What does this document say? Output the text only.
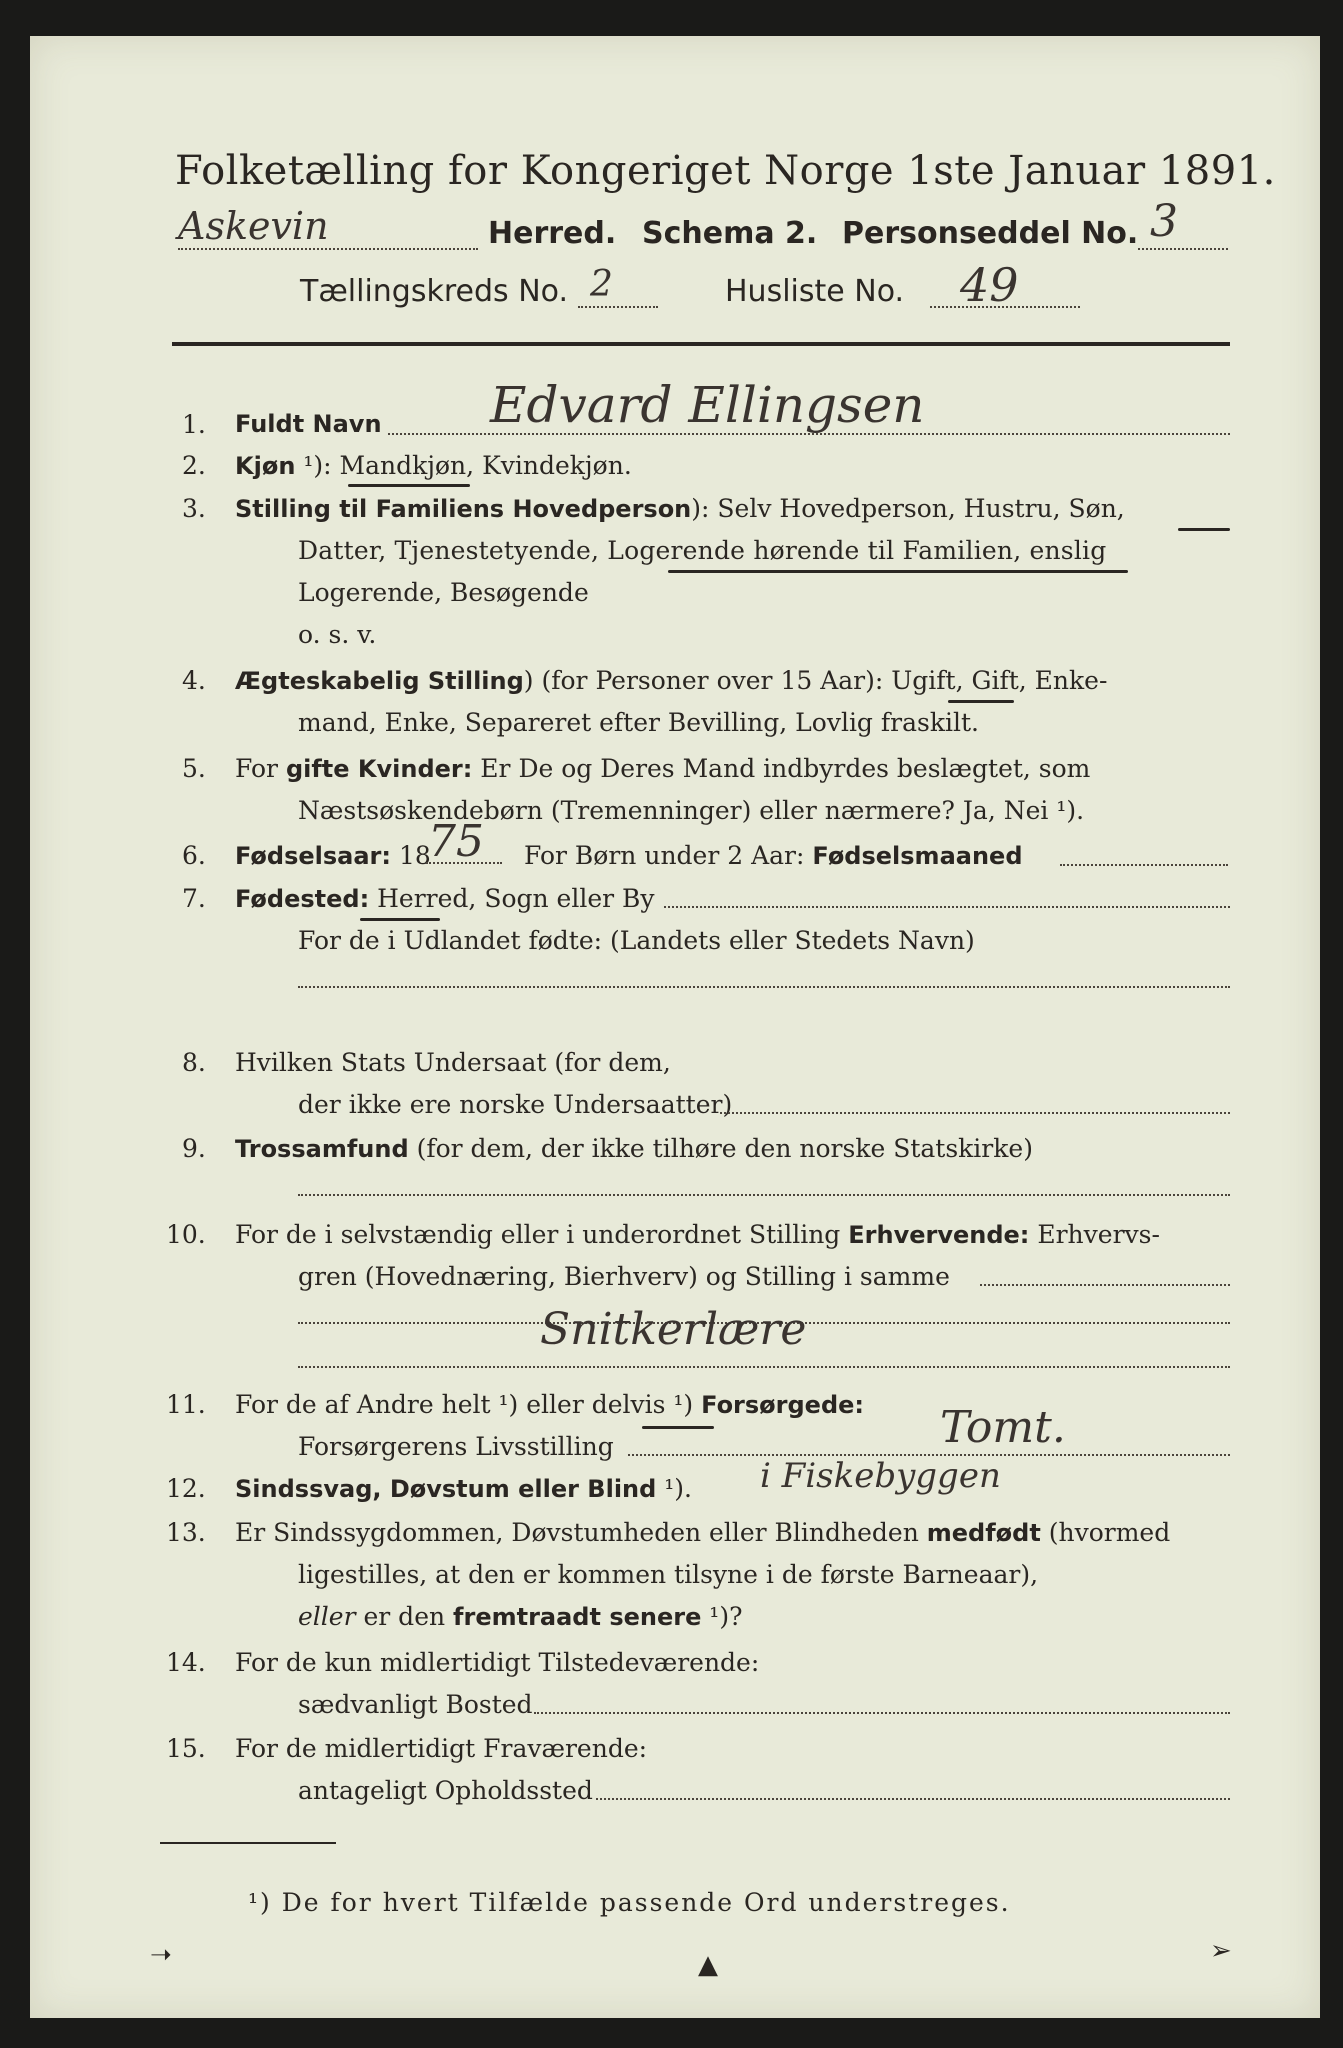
Folketælling for Kongeriget Norge 1ste Januar 1891.
Askevin	Herred. Schema 2. Personseddel No. 3
Tællingskreds No. 2	Husliste No. 49
1. Fuldt Navn Edvard Ellingsen
2. Kjøn ¹): Mandkjøn, Kvindekjøn.
3. Stilling til Familiens Hovedperson): Selv Hovedperson, Hustru, Søn,
Datter, Tjenestetyende, Logerende hørende til Familien, enslig
Logerende, Besøgende
o. s. v.
4. Ægteskabelig Stilling) (for Personer over 15 Aar): Ugift, Gift, Enke-
mand, Enke, Separeret efter Bevilling, Lovlig fraskilt.
5. For gifte Kvinder: Er De og Deres Mand indbyrdes beslægtet, som
Næstsøskendebørn (Tremenninger) eller nærmere? Ja, Nei ¹).
6. Fødselsaar: 18
75 For Børn under 2 Aar: Fødselsmaaned
7. Fødested: Herred, Sogn eller By
For de i Udlandet fødte: (Landets eller Stedets Navn)
8. Hvilken Stats Undersaat (for dem,
der ikke ere norske Undersaatter)
9. Trossamfund (for dem, der ikke tilhøre den norske Statskirke)
10. For de i selvstændig eller i underordnet Stilling Erhvervende: Erhvervs-
gren (Hovednæring, Bierhverv) og Stilling i samme
Snitkerlære
11. For de af Andre helt ¹) eller delvis ¹) Forsørgede:
Forsørgerens Livsstilling	Tomt.
12. Sindssvag, Døvstum eller Blind ¹). i Fiskebyggen
13. Er Sindssygdommen, Døvstumheden eller Blindheden medfødt (hvormed
ligestilles, at den er kommen tilsyne i de første Barneaar),
eller er den fremtraadt senere ¹)?
14. For de kun midlertidigt Tilstedeværende:
sædvanligt Bosted
15. For de midlertidigt Fraværende:
antageligt Opholdssted
¹) De for hvert Tilfælde passende Ord understreges.
➝	▲	➢
